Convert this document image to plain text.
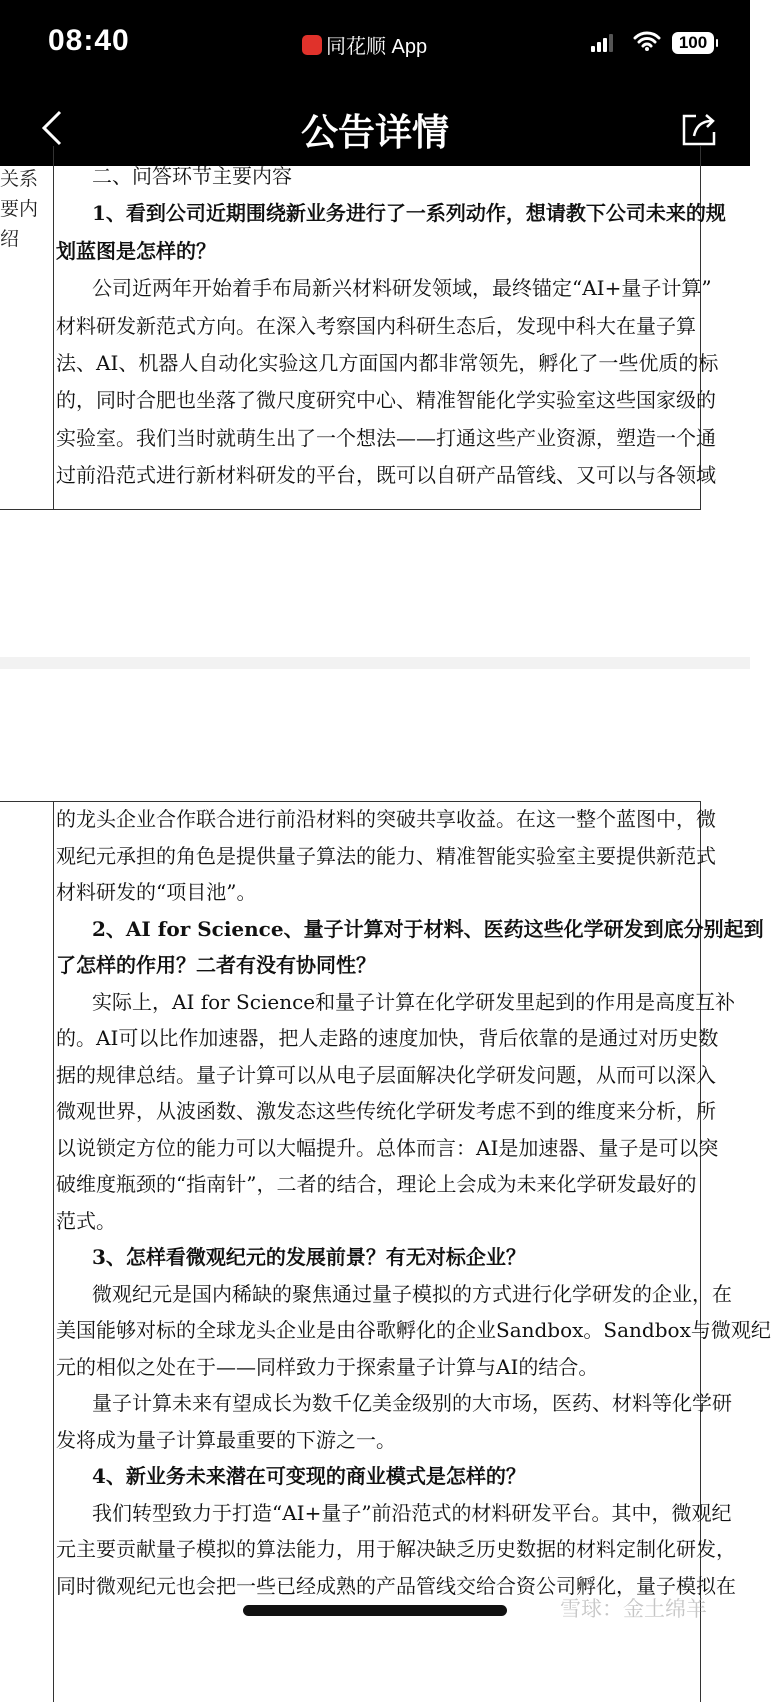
08:40	同花顺 App	100
公告详情
关系
要内
绍
二、问答环节主要内容
1、看到公司近期围绕新业务进行了一系列动作，想请教下公司未来的规
划蓝图是怎样的？
公司近两年开始着手布局新兴材料研发领域，最终锚定“AI+量子计算”
材料研发新范式方向。在深入考察国内科研生态后，发现中科大在量子算
法、AI、机器人自动化实验这几方面国内都非常领先，孵化了一些优质的标
的，同时合肥也坐落了微尺度研究中心、精准智能化学实验室这些国家级的
实验室。我们当时就萌生出了一个想法——打通这些产业资源，塑造一个通
过前沿范式进行新材料研发的平台，既可以自研产品管线、又可以与各领域
的龙头企业合作联合进行前沿材料的突破共享收益。在这一整个蓝图中，微
观纪元承担的角色是提供量子算法的能力、精准智能实验室主要提供新范式
材料研发的“项目池”。
2、AI for Science、量子计算对于材料、医药这些化学研发到底分别起到
了怎样的作用？二者有没有协同性？
实际上，AI for Science和量子计算在化学研发里起到的作用是高度互补
的。AI可以比作加速器，把人走路的速度加快，背后依靠的是通过对历史数
据的规律总结。量子计算可以从电子层面解决化学研发问题，从而可以深入
微观世界，从波函数、激发态这些传统化学研发考虑不到的维度来分析，所
以说锁定方位的能力可以大幅提升。总体而言：AI是加速器、量子是可以突
破维度瓶颈的“指南针”，二者的结合，理论上会成为未来化学研发最好的
范式。
3、怎样看微观纪元的发展前景？有无对标企业？
微观纪元是国内稀缺的聚焦通过量子模拟的方式进行化学研发的企业，在
美国能够对标的全球龙头企业是由谷歌孵化的企业Sandbox。Sandbox与微观纪
元的相似之处在于——同样致力于探索量子计算与AI的结合。
量子计算未来有望成长为数千亿美金级别的大市场，医药、材料等化学研
发将成为量子计算最重要的下游之一。
4、新业务未来潜在可变现的商业模式是怎样的？
我们转型致力于打造“AI+量子”前沿范式的材料研发平台。其中，微观纪
元主要贡献量子模拟的算法能力，用于解决缺乏历史数据的材料定制化研发，
同时微观纪元也会把一些已经成熟的产品管线交给合资公司孵化，量子模拟在
雪球：金土绵羊
